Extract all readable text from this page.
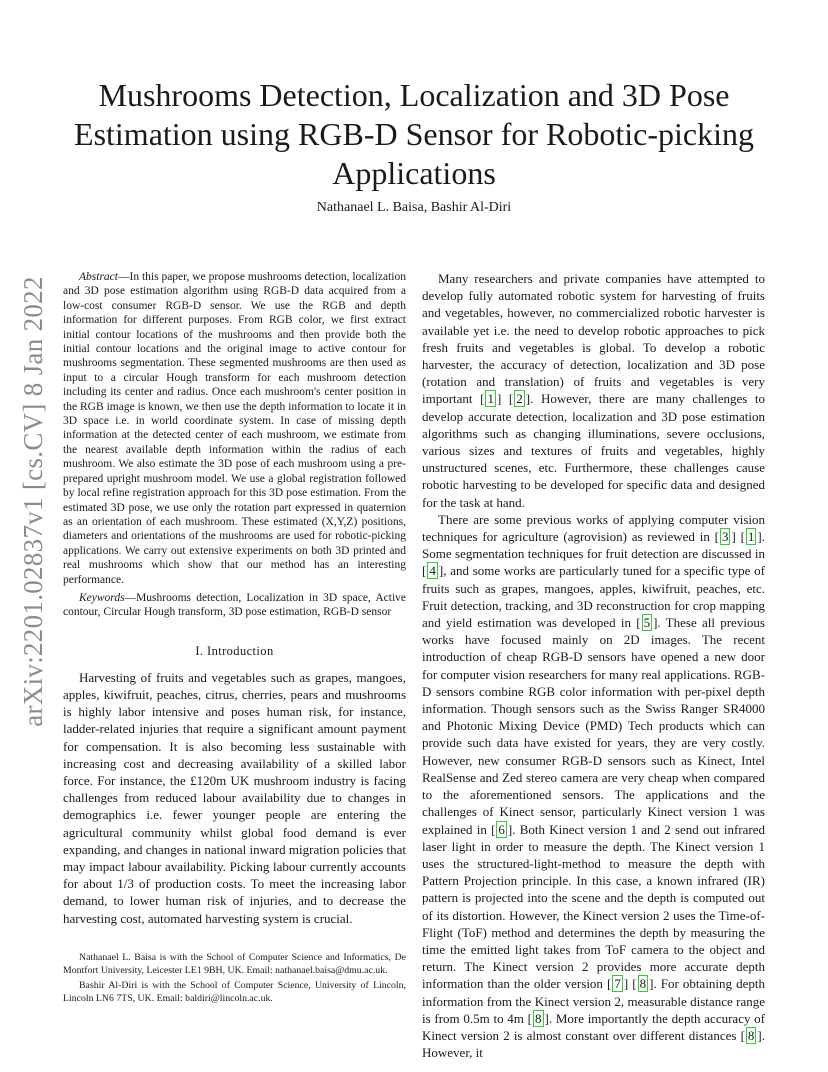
arXiv:2201.02837v1 [cs.CV] 8 Jan 2022
Mushrooms Detection, Localization and 3D Pose Estimation using RGB-D Sensor for Robotic-picking Applications
Nathanael L. Baisa, Bashir Al-Diri

Abstract—In this paper, we propose mushrooms detection, localization and 3D pose estimation algorithm using RGB-D data acquired from a low-cost consumer RGB-D sensor. We use the RGB and depth information for different purposes. From RGB color, we first extract initial contour locations of the mushrooms and then provide both the initial contour locations and the original image to active contour for mushrooms segmentation. These segmented mushrooms are then used as input to a circular Hough transform for each mushroom detection including its center and radius. Once each mushroom's center position in the RGB image is known, we then use the depth information to locate it in 3D space i.e. in world coordinate system. In case of missing depth information at the detected center of each mushroom, we estimate from the nearest available depth information within the radius of each mushroom. We also estimate the 3D pose of each mushroom using a pre-prepared upright mushroom model. We use a global registration followed by local refine registration approach for this 3D pose estimation. From the estimated 3D pose, we use only the rotation part expressed in quaternion as an orientation of each mushroom. These estimated (X,Y,Z) positions, diameters and orientations of the mushrooms are used for robotic-picking applications. We carry out extensive experiments on both 3D printed and real mushrooms which show that our method has an interesting performance.

Keywords—Mushrooms detection, Localization in 3D space, Active contour, Circular Hough transform, 3D pose estimation, RGB-D sensor

I. Introduction

Harvesting of fruits and vegetables such as grapes, mangoes, apples, kiwifruit, peaches, citrus, cherries, pears and mushrooms is highly labor intensive and poses human risk, for instance, ladder-related injuries that require a significant amount payment for compensation. It is also becoming less sustainable with increasing cost and decreasing availability of a skilled labor force. For instance, the £120m UK mushroom industry is facing challenges from reduced labour availability due to changes in demographics i.e. fewer younger people are entering the agricultural community whilst global food demand is ever expanding, and changes in national inward migration policies that may impact labour availability. Picking labour currently accounts for about 1/3 of production costs. To meet the increasing labor demand, to lower human risk of injuries, and to decrease the harvesting cost, automated harvesting system is crucial.

Nathanael L. Baisa is with the School of Computer Science and Informatics, De Montfort University, Leicester LE1 9BH, UK. Email: nathanael.baisa@dmu.ac.uk.

Bashir Al-Diri is with the School of Computer Science, University of Lincoln, Lincoln LN6 7TS, UK. Email: baldiri@lincoln.ac.uk.

Many researchers and private companies have attempted to develop fully automated robotic system for harvesting of fruits and vegetables, however, no commercialized robotic harvester is available yet i.e. the need to develop robotic approaches to pick fresh fruits and vegetables is global. To develop a robotic harvester, the accuracy of detection, localization and 3D pose (rotation and translation) of fruits and vegetables is very important [ 1 ] [ 2 ]. However, there are many challenges to develop accurate detection, localization and 3D pose estimation algorithms such as changing illuminations, severe occlusions, various sizes and textures of fruits and vegetables, highly unstructured scenes, etc. Furthermore, these challenges cause robotic harvesting to be developed for specific data and designed for the task at hand.

There are some previous works of applying computer vision techniques for agriculture (agrovision) as reviewed in [ 3 ] [ 1 ]. Some segmentation techniques for fruit detection are discussed in [ 4 ], and some works are particularly tuned for a specific type of fruits such as grapes, mangoes, apples, kiwifruit, peaches, etc. Fruit detection, tracking, and 3D reconstruction for crop mapping and yield estimation was developed in [ 5 ]. These all previous works have focused mainly on 2D images. The recent introduction of cheap RGB-D sensors have opened a new door for computer vision researchers for many real applications. RGB-D sensors combine RGB color information with per-pixel depth information. Though sensors such as the Swiss Ranger SR4000 and Photonic Mixing Device (PMD) Tech products which can provide such data have existed for years, they are very costly. However, new consumer RGB-D sensors such as Kinect, Intel RealSense and Zed stereo camera are very cheap when compared to the aforementioned sensors. The applications and the challenges of Kinect sensor, particularly Kinect version 1 was explained in [ 6 ]. Both Kinect version 1 and 2 send out infrared laser light in order to measure the depth. The Kinect version 1 uses the structured-light-method to measure the depth with Pattern Projection principle. In this case, a known infrared (IR) pattern is projected into the scene and the depth is computed out of its distortion. However, the Kinect version 2 uses the Time-of-Flight (ToF) method and determines the depth by measuring the time the emitted light takes from ToF camera to the object and return. The Kinect version 2 provides more accurate depth information than the older version [ 7 ] [ 8 ]. For obtaining depth information from the Kinect version 2, measurable distance range is from 0.5m to 4m [ 8 ]. More importantly the depth accuracy of Kinect version 2 is almost constant over different distances [ 8 ]. However, it
